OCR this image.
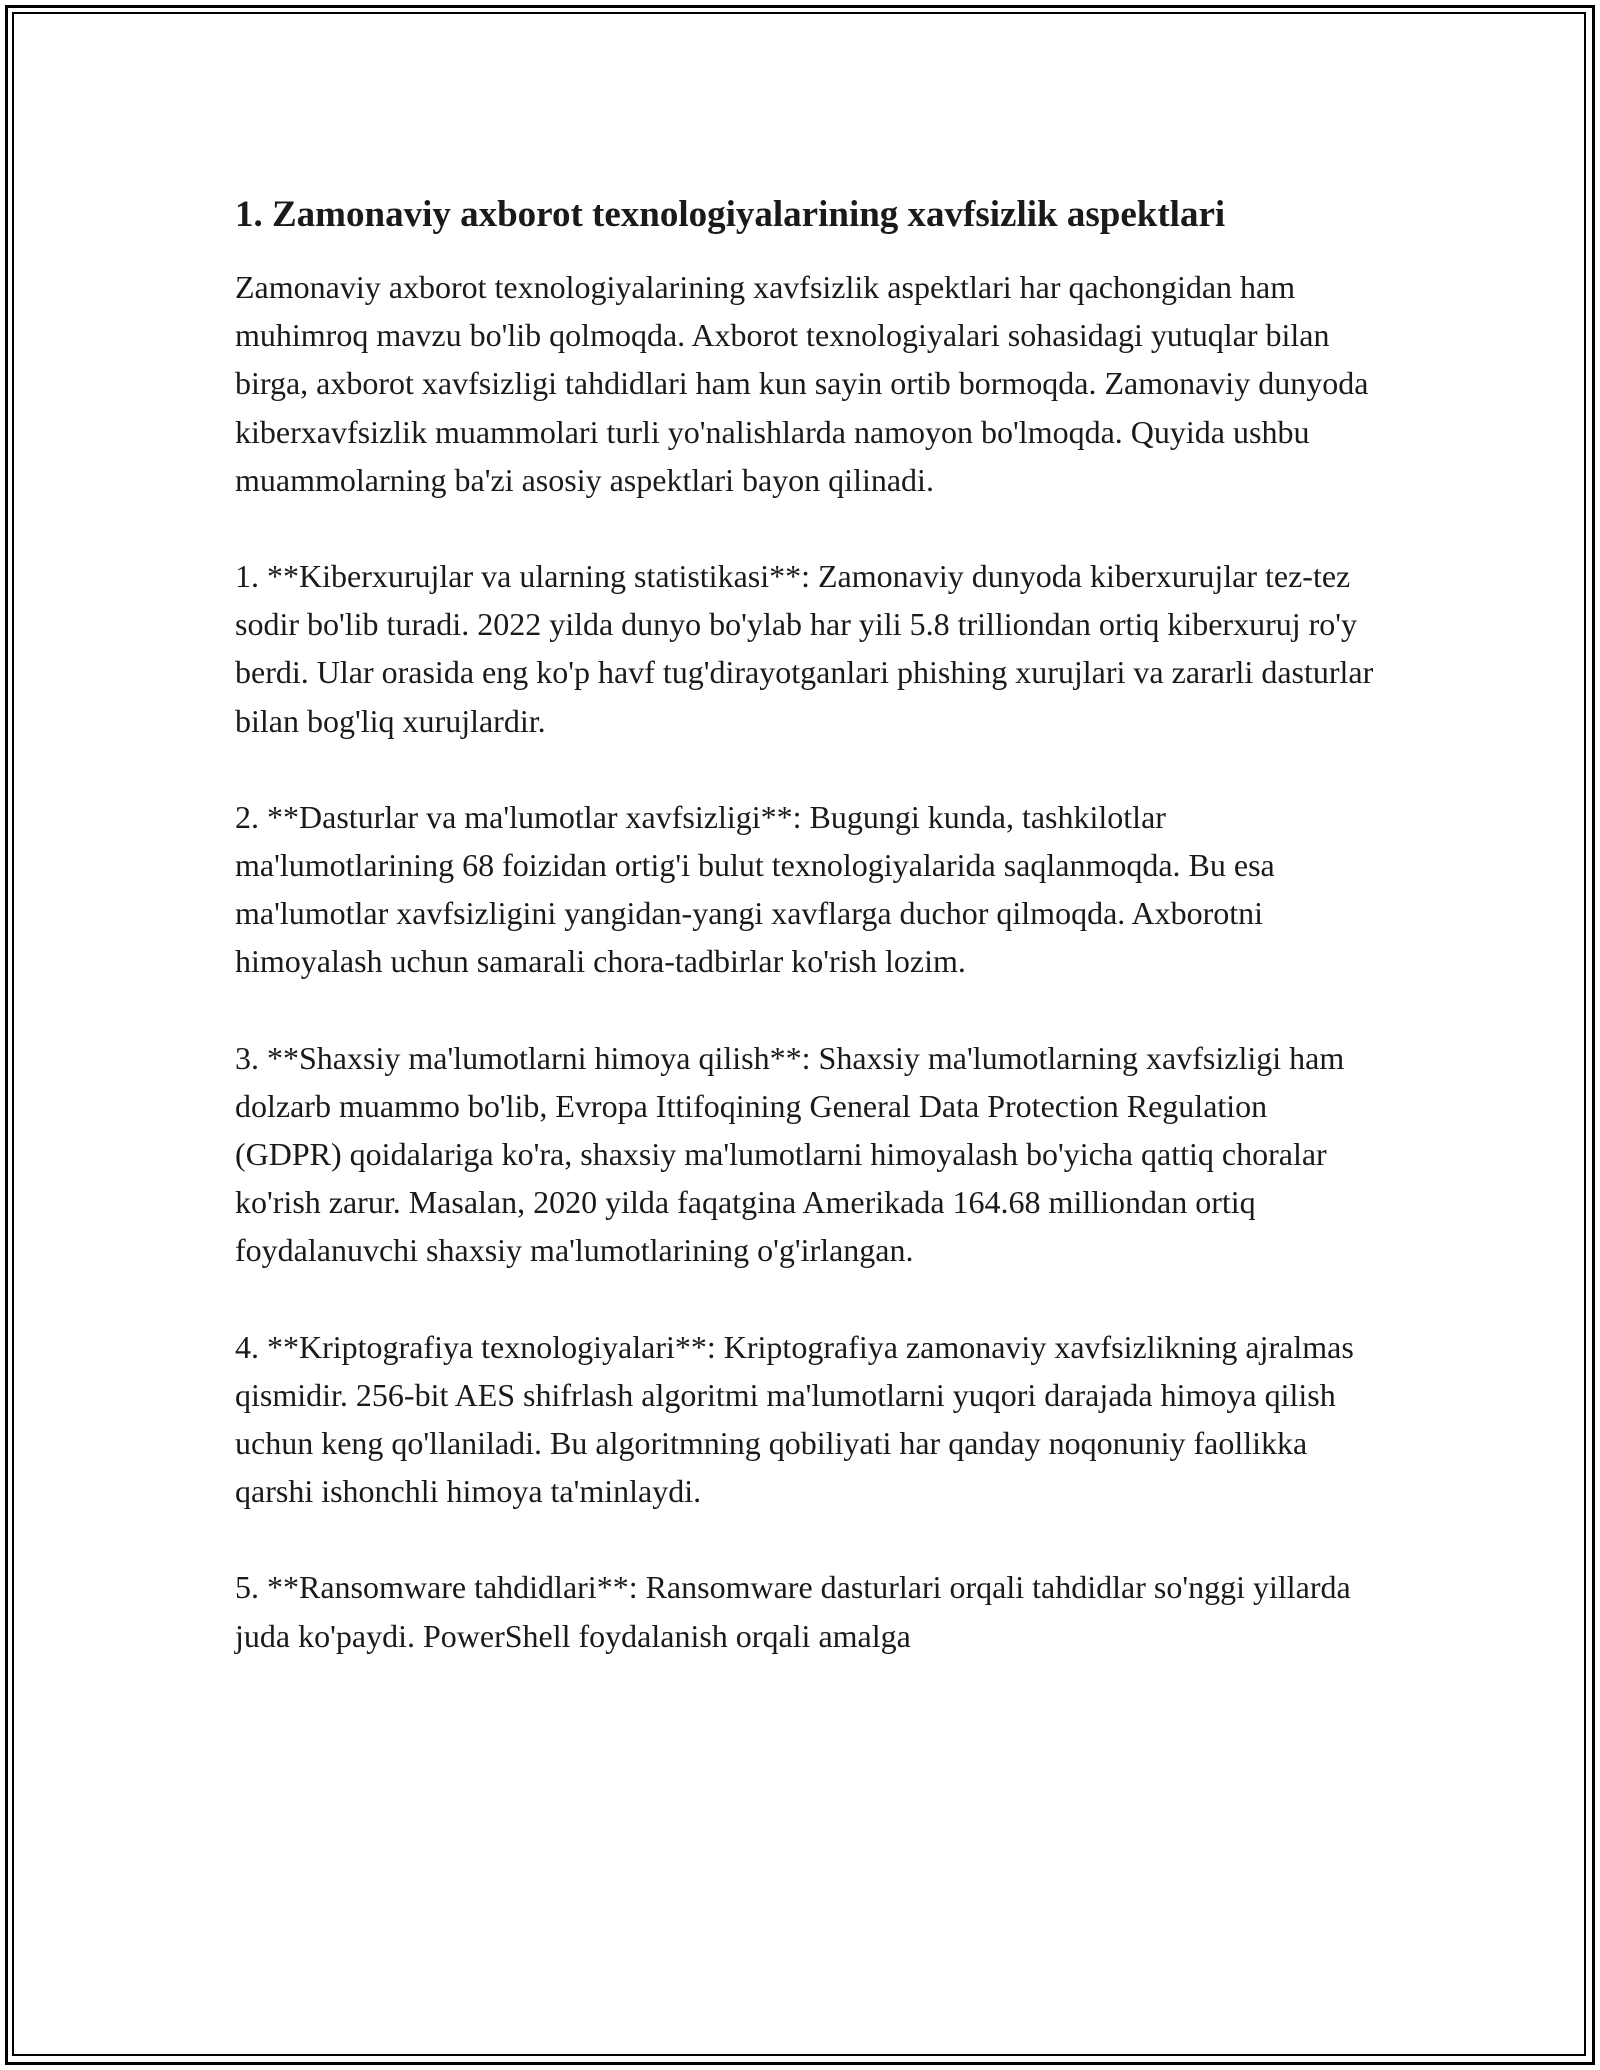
1. Zamonaviy axborot texnologiyalarining xavfsizlik aspektlari

Zamonaviy axborot texnologiyalarining xavfsizlik aspektlari har qachongidan ham muhimroq mavzu bo'lib qolmoqda. Axborot texnologiyalari sohasidagi yutuqlar bilan birga, axborot xavfsizligi tahdidlari ham kun sayin ortib bormoqda. Zamonaviy dunyoda kiberxavfsizlik muammolari turli yo'nalishlarda namoyon bo'lmoqda. Quyida ushbu muammolarning ba'zi asosiy aspektlari bayon qilinadi.

1. **Kiberxurujlar va ularning statistikasi**: Zamonaviy dunyoda kiberxurujlar tez-tez sodir bo'lib turadi. 2022 yilda dunyo bo'ylab har yili 5.8 trilliondan ortiq kiberxuruj ro'y berdi. Ular orasida eng ko'p havf tug'dirayotganlari phishing xurujlari va zararli dasturlar bilan bog'liq xurujlardir.

2. **Dasturlar va ma'lumotlar xavfsizligi**: Bugungi kunda, tashkilotlar ma'lumotlarining 68 foizidan ortig'i bulut texnologiyalarida saqlanmoqda. Bu esa ma'lumotlar xavfsizligini yangidan-yangi xavflarga duchor qilmoqda. Axborotni himoyalash uchun samarali chora-tadbirlar ko'rish lozim.

3. **Shaxsiy ma'lumotlarni himoya qilish**: Shaxsiy ma'lumotlarning xavfsizligi ham dolzarb muammo bo'lib, Evropa Ittifoqining General Data Protection Regulation (GDPR) qoidalariga ko'ra, shaxsiy ma'lumotlarni himoyalash bo'yicha qattiq choralar ko'rish zarur. Masalan, 2020 yilda faqatgina Amerikada 164.68 milliondan ortiq foydalanuvchi shaxsiy ma'lumotlarining o'g'irlangan.

4. **Kriptografiya texnologiyalari**: Kriptografiya zamonaviy xavfsizlikning ajralmas qismidir. 256-bit AES shifrlash algoritmi ma'lumotlarni yuqori darajada himoya qilish uchun keng qo'llaniladi. Bu algoritmning qobiliyati har qanday noqonuniy faollikka qarshi ishonchli himoya ta'minlaydi.

5. **Ransomware tahdidlari**: Ransomware dasturlari orqali tahdidlar so'nggi yillarda juda ko'paydi. PowerShell foydalanish orqali amalga
